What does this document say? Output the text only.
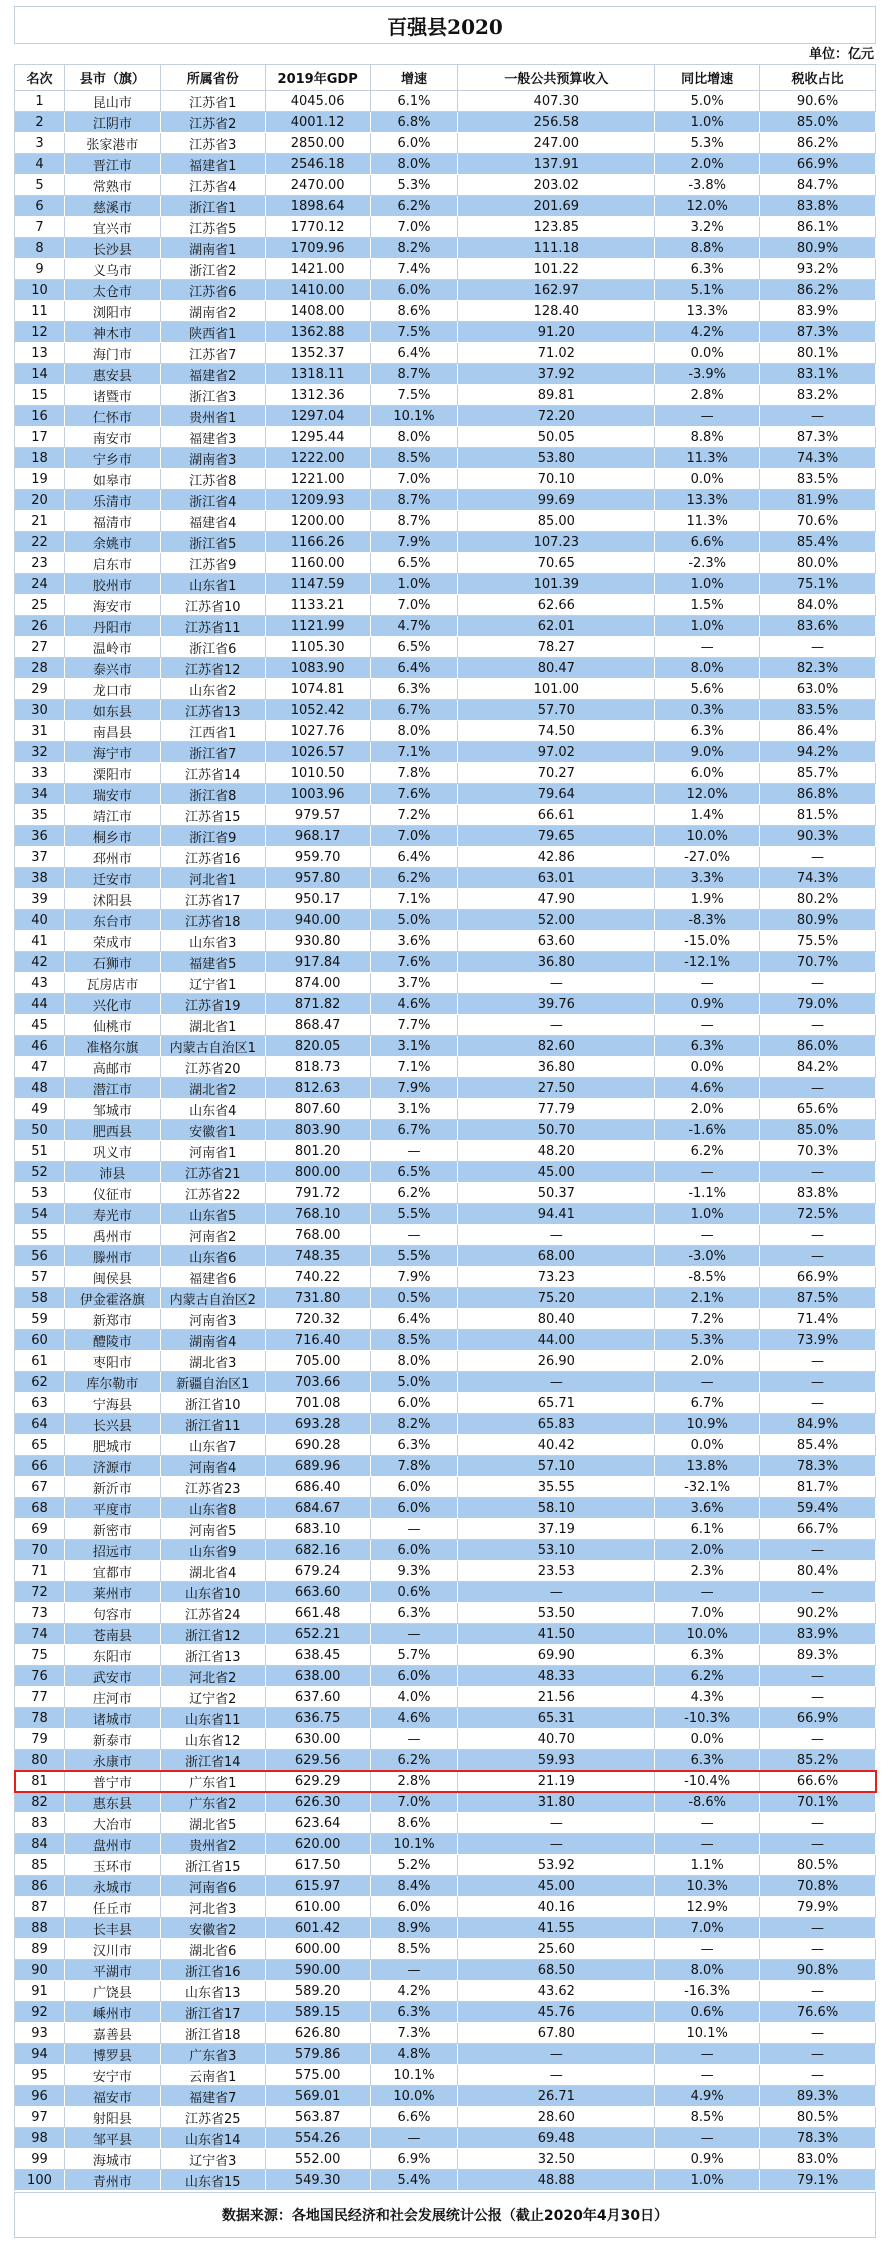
百强县2020
单位：亿元
名次	县市（旗）	所属省份	2019年GDP	增速	一般公共预算收入	同比增速	税收占比
1	昆山市	江苏省1	4045.06	6.1%	407.30	5.0%	90.6%
2	江阴市	江苏省2	4001.12	6.8%	256.58	1.0%	85.0%
3	张家港市	江苏省3	2850.00	6.0%	247.00	5.3%	86.2%
4	晋江市	福建省1	2546.18	8.0%	137.91	2.0%	66.9%
5	常熟市	江苏省4	2470.00	5.3%	203.02	-3.8%	84.7%
6	慈溪市	浙江省1	1898.64	6.2%	201.69	12.0%	83.8%
7	宜兴市	江苏省5	1770.12	7.0%	123.85	3.2%	86.1%
8	长沙县	湖南省1	1709.96	8.2%	111.18	8.8%	80.9%
9	义乌市	浙江省2	1421.00	7.4%	101.22	6.3%	93.2%
10	太仓市	江苏省6	1410.00	6.0%	162.97	5.1%	86.2%
11	浏阳市	湖南省2	1408.00	8.6%	128.40	13.3%	83.9%
12	神木市	陕西省1	1362.88	7.5%	91.20	4.2%	87.3%
13	海门市	江苏省7	1352.37	6.4%	71.02	0.0%	80.1%
14	惠安县	福建省2	1318.11	8.7%	37.92	-3.9%	83.1%
15	诸暨市	浙江省3	1312.36	7.5%	89.81	2.8%	83.2%
16	仁怀市	贵州省1	1297.04	10.1%	72.20	—	—
17	南安市	福建省3	1295.44	8.0%	50.05	8.8%	87.3%
18	宁乡市	湖南省3	1222.00	8.5%	53.80	11.3%	74.3%
19	如皋市	江苏省8	1221.00	7.0%	70.10	0.0%	83.5%
20	乐清市	浙江省4	1209.93	8.7%	99.69	13.3%	81.9%
21	福清市	福建省4	1200.00	8.7%	85.00	11.3%	70.6%
22	余姚市	浙江省5	1166.26	7.9%	107.23	6.6%	85.4%
23	启东市	江苏省9	1160.00	6.5%	70.65	-2.3%	80.0%
24	胶州市	山东省1	1147.59	1.0%	101.39	1.0%	75.1%
25	海安市	江苏省10	1133.21	7.0%	62.66	1.5%	84.0%
26	丹阳市	江苏省11	1121.99	4.7%	62.01	1.0%	83.6%
27	温岭市	浙江省6	1105.30	6.5%	78.27	—	—
28	泰兴市	江苏省12	1083.90	6.4%	80.47	8.0%	82.3%
29	龙口市	山东省2	1074.81	6.3%	101.00	5.6%	63.0%
30	如东县	江苏省13	1052.42	6.7%	57.70	0.3%	83.5%
31	南昌县	江西省1	1027.76	8.0%	74.50	6.3%	86.4%
32	海宁市	浙江省7	1026.57	7.1%	97.02	9.0%	94.2%
33	溧阳市	江苏省14	1010.50	7.8%	70.27	6.0%	85.7%
34	瑞安市	浙江省8	1003.96	7.6%	79.64	12.0%	86.8%
35	靖江市	江苏省15	979.57	7.2%	66.61	1.4%	81.5%
36	桐乡市	浙江省9	968.17	7.0%	79.65	10.0%	90.3%
37	邳州市	江苏省16	959.70	6.4%	42.86	-27.0%	—
38	迁安市	河北省1	957.80	6.2%	63.01	3.3%	74.3%
39	沭阳县	江苏省17	950.17	7.1%	47.90	1.9%	80.2%
40	东台市	江苏省18	940.00	5.0%	52.00	-8.3%	80.9%
41	荣成市	山东省3	930.80	3.6%	63.60	-15.0%	75.5%
42	石狮市	福建省5	917.84	7.6%	36.80	-12.1%	70.7%
43	瓦房店市	辽宁省1	874.00	3.7%	—	—	—
44	兴化市	江苏省19	871.82	4.6%	39.76	0.9%	79.0%
45	仙桃市	湖北省1	868.47	7.7%	—	—	—
46	准格尔旗	内蒙古自治区1	820.05	3.1%	82.60	6.3%	86.0%
47	高邮市	江苏省20	818.73	7.1%	36.80	0.0%	84.2%
48	潜江市	湖北省2	812.63	7.9%	27.50	4.6%	—
49	邹城市	山东省4	807.60	3.1%	77.79	2.0%	65.6%
50	肥西县	安徽省1	803.90	6.7%	50.70	-1.6%	85.0%
51	巩义市	河南省1	801.20	—	48.20	6.2%	70.3%
52	沛县	江苏省21	800.00	6.5%	45.00	—	—
53	仪征市	江苏省22	791.72	6.2%	50.37	-1.1%	83.8%
54	寿光市	山东省5	768.10	5.5%	94.41	1.0%	72.5%
55	禹州市	河南省2	768.00	—	—	—	—
56	滕州市	山东省6	748.35	5.5%	68.00	-3.0%	—
57	闽侯县	福建省6	740.22	7.9%	73.23	-8.5%	66.9%
58	伊金霍洛旗	内蒙古自治区2	731.80	0.5%	75.20	2.1%	87.5%
59	新郑市	河南省3	720.32	6.4%	80.40	7.2%	71.4%
60	醴陵市	湖南省4	716.40	8.5%	44.00	5.3%	73.9%
61	枣阳市	湖北省3	705.00	8.0%	26.90	2.0%	—
62	库尔勒市	新疆自治区1	703.66	5.0%	—	—	—
63	宁海县	浙江省10	701.08	6.0%	65.71	6.7%	—
64	长兴县	浙江省11	693.28	8.2%	65.83	10.9%	84.9%
65	肥城市	山东省7	690.28	6.3%	40.42	0.0%	85.4%
66	济源市	河南省4	689.96	7.8%	57.10	13.8%	78.3%
67	新沂市	江苏省23	686.40	6.0%	35.55	-32.1%	81.7%
68	平度市	山东省8	684.67	6.0%	58.10	3.6%	59.4%
69	新密市	河南省5	683.10	—	37.19	6.1%	66.7%
70	招远市	山东省9	682.16	6.0%	53.10	2.0%	—
71	宜都市	湖北省4	679.24	9.3%	23.53	2.3%	80.4%
72	莱州市	山东省10	663.60	0.6%	—	—	—
73	句容市	江苏省24	661.48	6.3%	53.50	7.0%	90.2%
74	苍南县	浙江省12	652.21	—	41.50	10.0%	83.9%
75	东阳市	浙江省13	638.45	5.7%	69.90	6.3%	89.3%
76	武安市	河北省2	638.00	6.0%	48.33	6.2%	—
77	庄河市	辽宁省2	637.60	4.0%	21.56	4.3%	—
78	诸城市	山东省11	636.75	4.6%	65.31	-10.3%	66.9%
79	新泰市	山东省12	630.00	—	40.70	0.0%	—
80	永康市	浙江省14	629.56	6.2%	59.93	6.3%	85.2%
81	普宁市	广东省1	629.29	2.8%	21.19	-10.4%	66.6%
82	惠东县	广东省2	626.30	7.0%	31.80	-8.6%	70.1%
83	大冶市	湖北省5	623.64	8.6%	—	—	—
84	盘州市	贵州省2	620.00	10.1%	—	—	—
85	玉环市	浙江省15	617.50	5.2%	53.92	1.1%	80.5%
86	永城市	河南省6	615.97	8.4%	45.00	10.3%	70.8%
87	任丘市	河北省3	610.00	6.0%	40.16	12.9%	79.9%
88	长丰县	安徽省2	601.42	8.9%	41.55	7.0%	—
89	汉川市	湖北省6	600.00	8.5%	25.60	—	—
90	平湖市	浙江省16	590.00	—	68.50	8.0%	90.8%
91	广饶县	山东省13	589.20	4.2%	43.62	-16.3%	—
92	嵊州市	浙江省17	589.15	6.3%	45.76	0.6%	76.6%
93	嘉善县	浙江省18	626.80	7.3%	67.80	10.1%	—
94	博罗县	广东省3	579.86	4.8%	—	—	—
95	安宁市	云南省1	575.00	10.1%	—	—	—
96	福安市	福建省7	569.01	10.0%	26.71	4.9%	89.3%
97	射阳县	江苏省25	563.87	6.6%	28.60	8.5%	80.5%
98	邹平县	山东省14	554.26	—	69.48	—	78.3%
99	海城市	辽宁省3	552.00	6.9%	32.50	0.9%	83.0%
100	青州市	山东省15	549.30	5.4%	48.88	1.0%	79.1%
数据来源：各地国民经济和社会发展统计公报（截止2020年4月30日）
